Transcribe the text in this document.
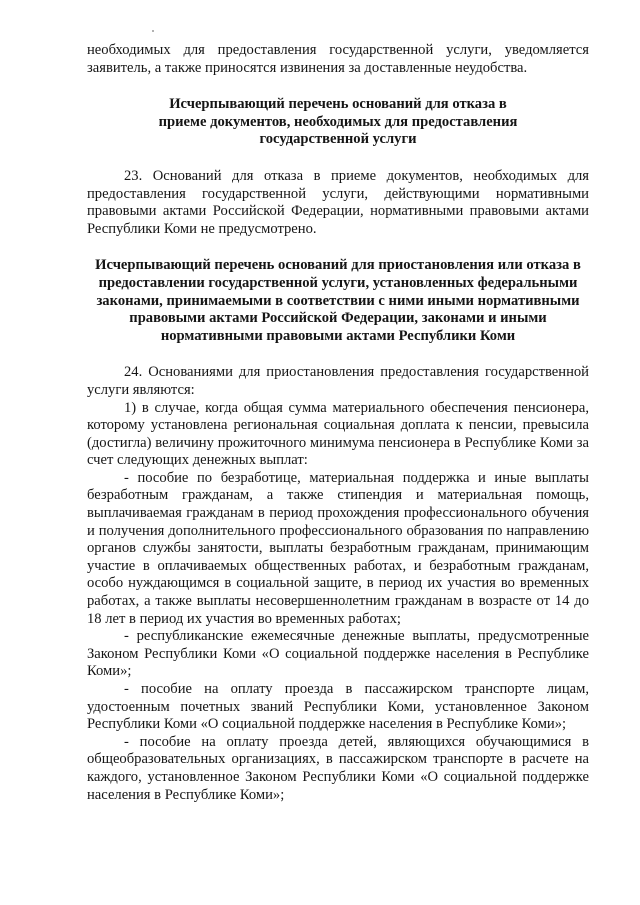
необходимых для предоставления государственной услуги, уведомляется заявитель, а также приносятся извинения за доставленные неудобства.

Исчерпывающий перечень оснований для отказа в приеме документов, необходимых для предоставления государственной услуги

23. Оснований для отказа в приеме документов, необходимых для предоставления государственной услуги, действующими нормативными правовыми актами Российской Федерации, нормативными правовыми актами Республики Коми не предусмотрено.

Исчерпывающий перечень оснований для приостановления или отказа в предоставлении государственной услуги, установленных федеральными законами, принимаемыми в соответствии с ними иными нормативными правовыми актами Российской Федерации, законами и иными нормативными правовыми актами Республики Коми

24. Основаниями для приостановления предоставления государственной услуги являются:

1) в случае, когда общая сумма материального обеспечения пенсионера, которому установлена региональная социальная доплата к пенсии, превысила (достигла) величину прожиточного минимума пенсионера в Республике Коми за счет следующих денежных выплат:

- пособие по безработице, материальная поддержка и иные выплаты безработным гражданам, а также стипендия и материальная помощь, выплачиваемая гражданам в период прохождения профессионального обучения и получения дополнительного профессионального образования по направлению органов службы занятости, выплаты безработным гражданам, принимающим участие в оплачиваемых общественных работах, и безработным гражданам, особо нуждающимся в социальной защите, в период их участия во временных работах, а также выплаты несовершеннолетним гражданам в возрасте от 14 до 18 лет в период их участия во временных работах;

- республиканские ежемесячные денежные выплаты, предусмотренные Законом Республики Коми «О социальной поддержке населения в Республике Коми»;

- пособие на оплату проезда в пассажирском транспорте лицам, удостоенным почетных званий Республики Коми, установленное Законом Республики Коми «О социальной поддержке населения в Республике Коми»;

- пособие на оплату проезда детей, являющихся обучающимися в общеобразовательных организациях, в пассажирском транспорте в расчете на каждого, установленное Законом Республики Коми «О социальной поддержке населения в Республике Коми»;
